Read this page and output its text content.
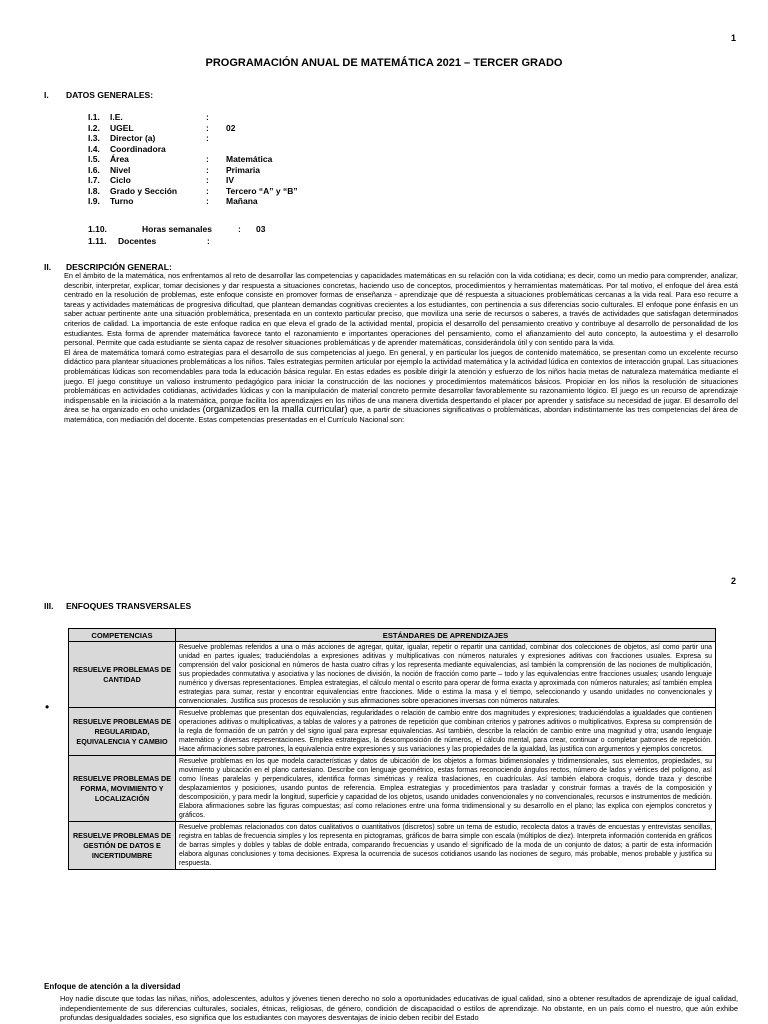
1
PROGRAMACIÓN ANUAL DE MATEMÁTICA 2021 – TERCER GRADO
I. DATOS GENERALES:
I.1.	I.E.	:	
I.2.	UGEL	:	02
I.3.	Director (a)	:	
I.4.	Coordinadora		
I.5.	Área	:	Matemática
I.6.	Nivel	:	Primaria
I.7.	Ciclo	:	IV
I.8.	Grado y Sección	:	Tercero “A” y “B”
I.9.	Turno	:	Mañana
1.10.	Horas semanales	: 03
1.11. Docentes	:
II. DESCRIPCIÓN GENERAL:

En el ámbito de la matemática, nos enfrentamos al reto de desarrollar las competencias y capacidades matemáticas en su relación con la vida cotidiana; es decir, como un medio para comprender, analizar, describir, interpretar, explicar, tomar decisiones y dar respuesta a situaciones concretas, haciendo uso de conceptos, procedimientos y herramientas matemáticas. Por tal motivo, el enfoque del área está centrado en la resolución de problemas, este enfoque consiste en promover formas de enseñanza - aprendizaje que dé respuesta a situaciones problemáticas cercanas a la vida real. Para eso recurre a tareas y actividades matemáticas de progresiva dificultad, que plantean demandas cognitivas crecientes a los estudiantes, con pertinencia a sus diferencias socio culturales. El enfoque pone énfasis en un saber actuar pertinente ante una situación problemática, presentada en un contexto particular preciso, que moviliza una serie de recursos o saberes, a través de actividades que satisfagan determinados criterios de calidad. La importancia de este enfoque radica en que eleva el grado de la actividad mental, propicia el desarrollo del pensamiento creativo y contribuye al desarrollo de personalidad de los estudiantes. Esta forma de aprender matemática favorece tanto el razonamiento e importantes operaciones del pensamiento, como el afianzamiento del auto concepto, la autoestima y el desarrollo personal. Permite que cada estudiante se sienta capaz de resolver situaciones problemáticas y de aprender matemáticas, considerándola útil y con sentido para la vida.

El área de matemática tomará como estrategias para el desarrollo de sus competencias al juego. En general, y en particular los juegos de contenido matemático, se presentan como un excelente recurso didáctico para plantear situaciones problemáticas a los niños. Tales estrategias permiten articular por ejemplo la actividad matemática y la actividad lúdica en contextos de interacción grupal. Las situaciones problemáticas lúdicas son recomendables para toda la educación básica regular. En estas edades es posible dirigir la atención y esfuerzo de los niños hacia metas de naturaleza matemática mediante el juego. El juego constituye un valioso instrumento pedagógico para iniciar la construcción de las nociones y procedimientos matemáticos básicos. Propiciar en los niños la resolución de situaciones problemáticas en actividades cotidianas, actividades lúdicas y con la manipulación de material concreto permite desarrollar favorablemente su razonamiento lógico. El juego es un recurso de aprendizaje indispensable en la iniciación a la matemática, porque facilita los aprendizajes en los niños de una manera divertida despertando el placer por aprender y satisface su necesidad de jugar. El desarrollo del área se ha organizado en ocho unidades (organizados en la malla curricular) que, a partir de situaciones significativas o problemáticas, abordan indistintamente las tres competencias del área de matemática, con mediación del docente. Estas competencias presentadas en el Currículo Nacional son:

2
III. ENFOQUES TRANSVERSALES
•
COMPETENCIAS	ESTÁNDARES DE APRENDIZAJES
RESUELVE PROBLEMAS DE CANTIDAD	Resuelve problemas referidos a una o más acciones de agregar, quitar, igualar, repetir o repartir una cantidad, combinar dos colecciones de objetos, así como partir una unidad en partes iguales; traduciéndolas a expresiones aditivas y multiplicativas con números naturales y expresiones aditivas con fracciones usuales. Expresa su comprensión del valor posicional en números de hasta cuatro cifras y los representa mediante equivalencias, así también la comprensión de las nociones de multiplicación, sus propiedades conmutativa y asociativa y las nociones de división, la noción de fracción como parte – todo y las equivalencias entre fracciones usuales; usando lenguaje numérico y diversas representaciones. Emplea estrategias, el cálculo mental o escrito para operar de forma exacta y aproximada con números naturales; así también emplea estrategias para sumar, restar y encontrar equivalencias entre fracciones. Mide o estima la masa y el tiempo, seleccionando y usando unidades no convencionales y convencionales. Justifica sus procesos de resolución y sus afirmaciones sobre operaciones inversas con números naturales.
RESUELVE PROBLEMAS DE REGULARIDAD, EQUIVALENCIA Y CAMBIO	Resuelve problemas que presentan dos equivalencias, regularidades o relación de cambio entre dos magnitudes y expresiones; traduciéndolas a igualdades que contienen operaciones aditivas o multiplicativas, a tablas de valores y a patrones de repetición que combinan criterios y patrones aditivos o multiplicativos. Expresa su comprensión de la regla de formación de un patrón y del signo igual para expresar equivalencias. Así también, describe la relación de cambio entre una magnitud y otra; usando lenguaje matemático y diversas representaciones. Emplea estrategias, la descomposición de números, el cálculo mental, para crear, continuar o completar patrones de repetición. Hace afirmaciones sobre patrones, la equivalencia entre expresiones y sus variaciones y las propiedades de la igualdad, las justifica con argumentos y ejemplos concretos.
RESUELVE PROBLEMAS DE FORMA, MOVIMIENTO Y LOCALIZACIÓN	Resuelve problemas en los que modela características y datos de ubicación de los objetos a formas bidimensionales y tridimensionales, sus elementos, propiedades, su movimiento y ubicación en el plano cartesiano. Describe con lenguaje geométrico, estas formas reconociendo ángulos rectos, número de lados y vértices del polígono, así como líneas paralelas y perpendiculares, identifica formas simétricas y realiza traslaciones, en cuadrículas. Así también elabora croquis, donde traza y describe desplazamientos y posiciones, usando puntos de referencia. Emplea estrategias y procedimientos para trasladar y construir formas a través de la composición y descomposición, y para medir la longitud, superficie y capacidad de los objetos, usando unidades convencionales y no convencionales, recursos e instrumentos de medición. Elabora afirmaciones sobre las figuras compuestas; así como relaciones entre una forma tridimensional y su desarrollo en el plano; las explica con ejemplos concretos y gráficos.
RESUELVE PROBLEMAS DE GESTIÓN DE DATOS E INCERTIDUMBRE	Resuelve problemas relacionados con datos cualitativos o cuantitativos (discretos) sobre un tema de estudio, recolecta datos a través de encuestas y entrevistas sencillas, registra en tablas de frecuencia simples y los representa en pictogramas, gráficos de barra simple con escala (múltiplos de diez). Interpreta información contenida en gráficos de barras simples y dobles y tablas de doble entrada, comparando frecuencias y usando el significado de la moda de un conjunto de datos; a partir de esta información elabora algunas conclusiones y toma decisiones. Expresa la ocurrencia de sucesos cotidianos usando las nociones de seguro, más probable, menos probable y justifica su respuesta.
Enfoque de atención a la diversidad
Hoy nadie discute que todas las niñas, niños, adolescentes, adultos y jóvenes tienen derecho no solo a oportunidades educativas de igual calidad, sino a obtener resultados de aprendizaje de igual calidad, independientemente de sus diferencias culturales, sociales, étnicas, religiosas, de género, condición de discapacidad o estilos de aprendizaje. No obstante, en un país como el nuestro, que aún exhibe profundas desigualdades sociales, eso significa que los estudiantes con mayores desventajas de inicio deben recibir del Estado
